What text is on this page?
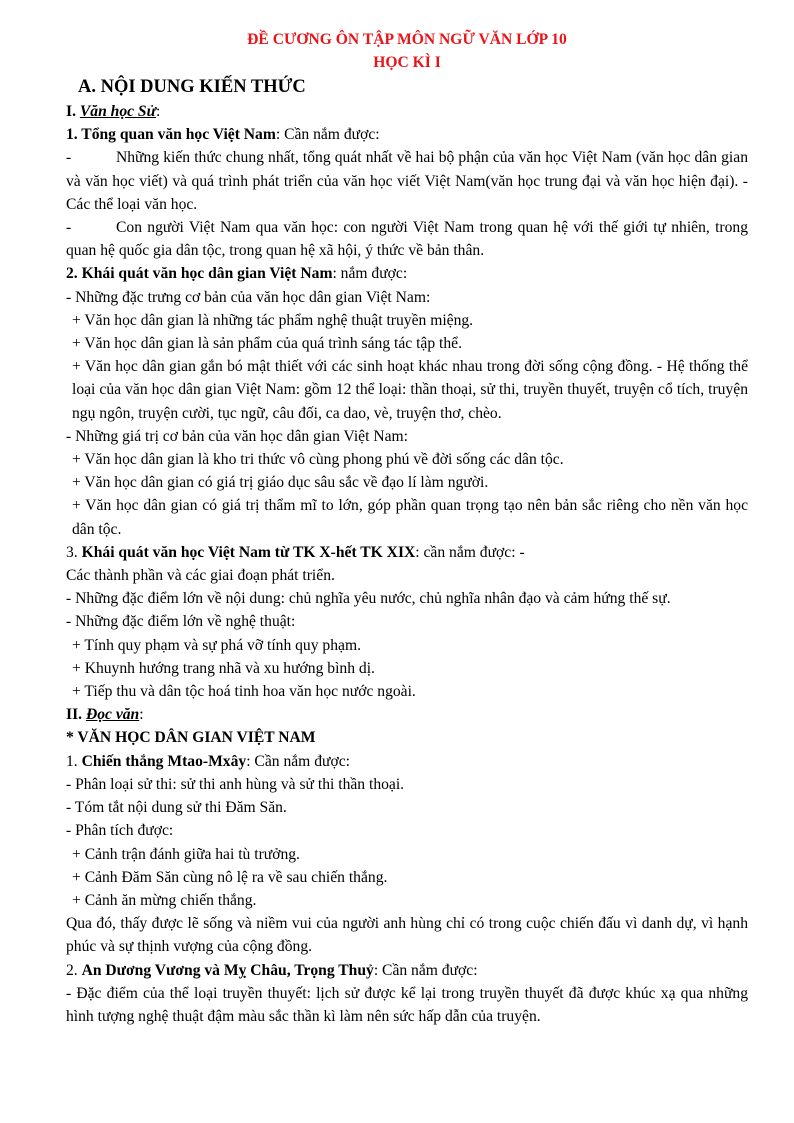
ĐỀ CƯƠNG ÔN TẬP MÔN NGỮ VĂN LỚP 10
HỌC KÌ I
A. NỘI DUNG KIẾN THỨC

I. Văn học Sử:

1. Tổng quan văn học Việt Nam: Cần nắm được:

-	Những kiến thức chung nhất, tổng quát nhất về hai bộ phận của văn học Việt Nam (văn học dân gian và văn học viết) và quá trình phát triển của văn học viết Việt Nam(văn học trung đại và văn học hiện đại). - Các thể loại văn học.

-	Con người Việt Nam qua văn học: con người Việt Nam trong quan hệ với thế giới tự nhiên, trong quan hệ quốc gia dân tộc, trong quan hệ xã hội, ý thức về bản thân.

2. Khái quát văn học dân gian Việt Nam: nắm được:

- Những đặc trưng cơ bản của văn học dân gian Việt Nam:

+ Văn học dân gian là những tác phẩm nghệ thuật truyền miệng.

+ Văn học dân gian là sản phẩm của quá trình sáng tác tập thể.

+ Văn học dân gian gắn bó mật thiết với các sinh hoạt khác nhau trong đời sống cộng đồng. - Hệ thống thể loại của văn học dân gian Việt Nam: gồm 12 thể loại: thần thoại, sử thi, truyền thuyết, truyện cổ tích, truyện ngụ ngôn, truyện cười, tục ngữ, câu đối, ca dao, vè, truyện thơ, chèo.

- Những giá trị cơ bản của văn học dân gian Việt Nam:

+ Văn học dân gian là kho tri thức vô cùng phong phú về đời sống các dân tộc.

+ Văn học dân gian có giá trị giáo dục sâu sắc về đạo lí làm người.

+ Văn học dân gian có giá trị thẩm mĩ to lớn, góp phần quan trọng tạo nên bản sắc riêng cho nền văn học dân tộc.

3. Khái quát văn học Việt Nam từ TK X-hết TK XIX: cần nắm được: -

Các thành phần và các giai đoạn phát triển.

- Những đặc điểm lớn về nội dung: chủ nghĩa yêu nước, chủ nghĩa nhân đạo và cảm hứng thế sự.

- Những đặc điểm lớn về nghệ thuật:

+ Tính quy phạm và sự phá vỡ tính quy phạm.

+ Khuynh hướng trang nhã và xu hướng bình dị.

+ Tiếp thu và dân tộc hoá tinh hoa văn học nước ngoài.

II. Đọc văn:

* VĂN HỌC DÂN GIAN VIỆT NAM

1. Chiến thắng Mtao-Mxây: Cần nắm được:

- Phân loại sử thi: sử thi anh hùng và sử thi thần thoại.

- Tóm tắt nội dung sử thi Đăm Săn.

- Phân tích được:

+ Cảnh trận đánh giữa hai tù trưởng.

+ Cảnh Đăm Săn cùng nô lệ ra về sau chiến thắng.

+ Cảnh ăn mừng chiến thắng.

Qua đó, thấy được lẽ sống và niềm vui của người anh hùng chỉ có trong cuộc chiến đấu vì danh dự, vì hạnh phúc và sự thịnh vượng của cộng đồng.

2. An Dương Vương và Mỵ Châu, Trọng Thuỷ: Cần nắm được:

- Đặc điểm của thể loại truyền thuyết: lịch sử được kể lại trong truyền thuyết đã được khúc xạ qua những hình tượng nghệ thuật đậm màu sắc thần kì làm nên sức hấp dẫn của truyện.
